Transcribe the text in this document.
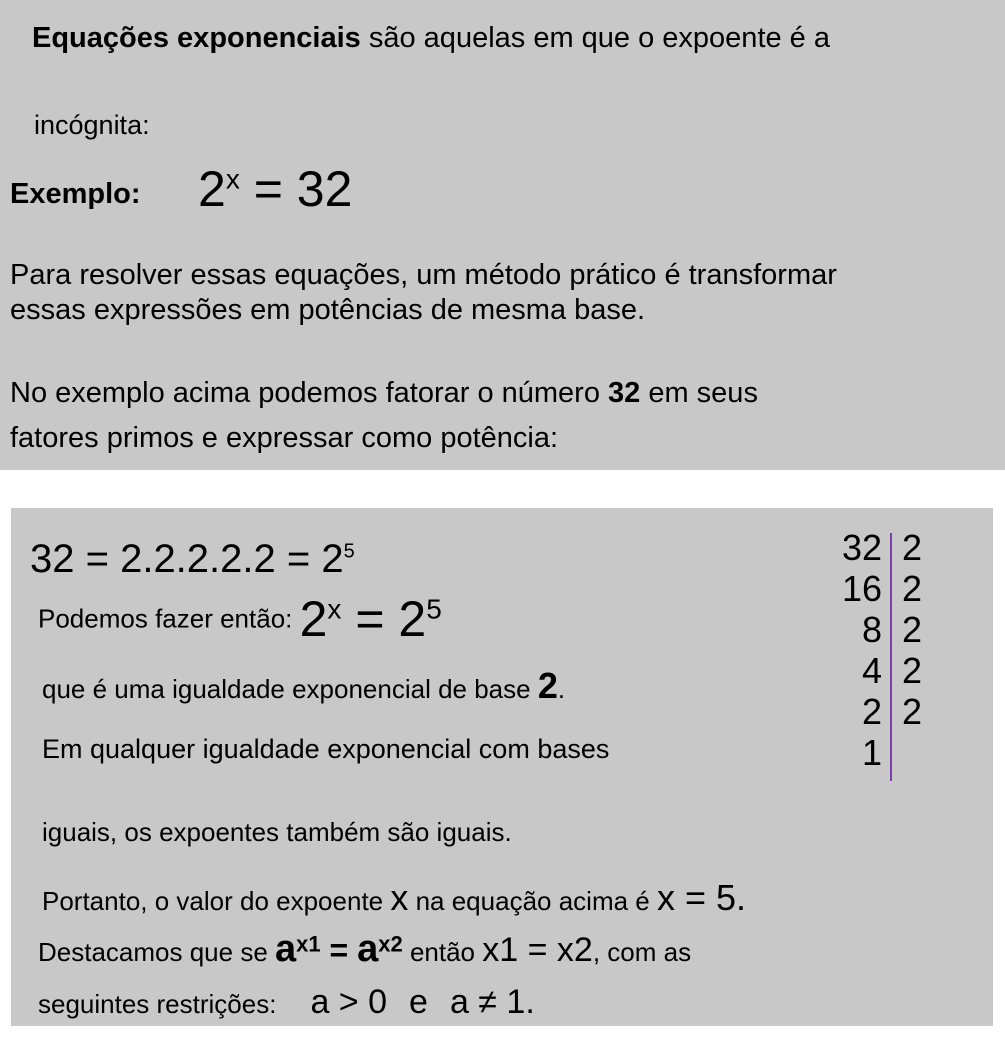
Equações exponenciais são aquelas em que o expoente é a
incógnita:
Exemplo: $2^x = 32$
Para resolver essas equações, um método prático é transformar
essas expressões em potências de mesma base.
No exemplo acima podemos fatorar o número 32 em seus
fatores primos e expressar como potência:
$32 = 2.2.2.2.2 = 2^5$
Podemos fazer então: $2^x = 2^5$
que é uma igualdade exponencial de base 2.
Em qualquer igualdade exponencial com bases
iguais, os expoentes também são iguais.
Portanto, o valor do expoente x na equação acima é x = 5.
Destacamos que se $a^{x1} = a^{x2}$ então x1 = x2, com as
seguintes restrições: a > 0 e a ≠ 1.
32
16
8
4
2
1
2
2
2
2
2
